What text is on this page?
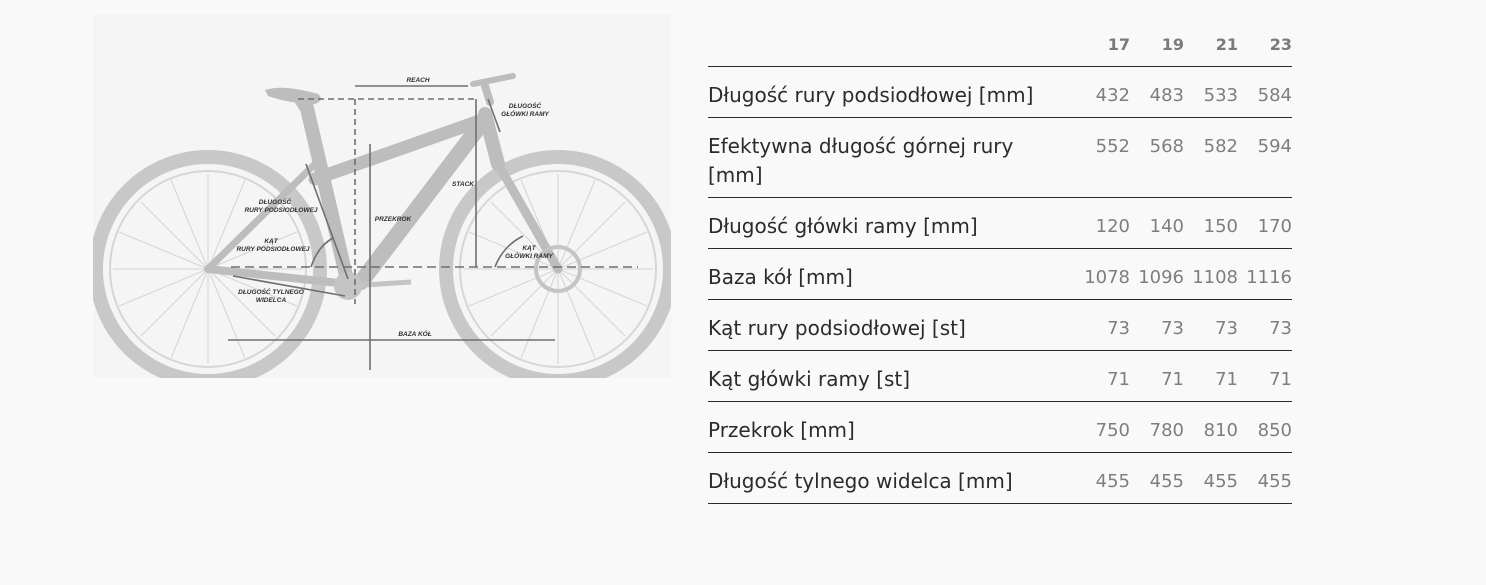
REACH
DŁUGOŚĆ
GŁÓWKI RAMY
STACK
DŁUGOŚĆ
RURY PODSIODŁOWEJ
PRZEKROK
KĄT
RURY PODSIODŁOWEJ	KĄT
GŁÓWKI RAMY
DŁUGOŚĆ TYLNEGO
WIDELCA
BAZA KÓŁ
	17	19	21	23
Długość rury podsiodłowej [mm]	432	483	533	584
Efektywna długość górnej rury [mm]	552	568	582	594
Długość główki ramy [mm]	120	140	150	170
Baza kół [mm]	1078	1096	1108	1116
Kąt rury podsiodłowej [st]	73	73	73	73
Kąt główki ramy [st]	71	71	71	71
Przekrok [mm]	750	780	810	850
Długość tylnego widelca [mm]	455	455	455	455
